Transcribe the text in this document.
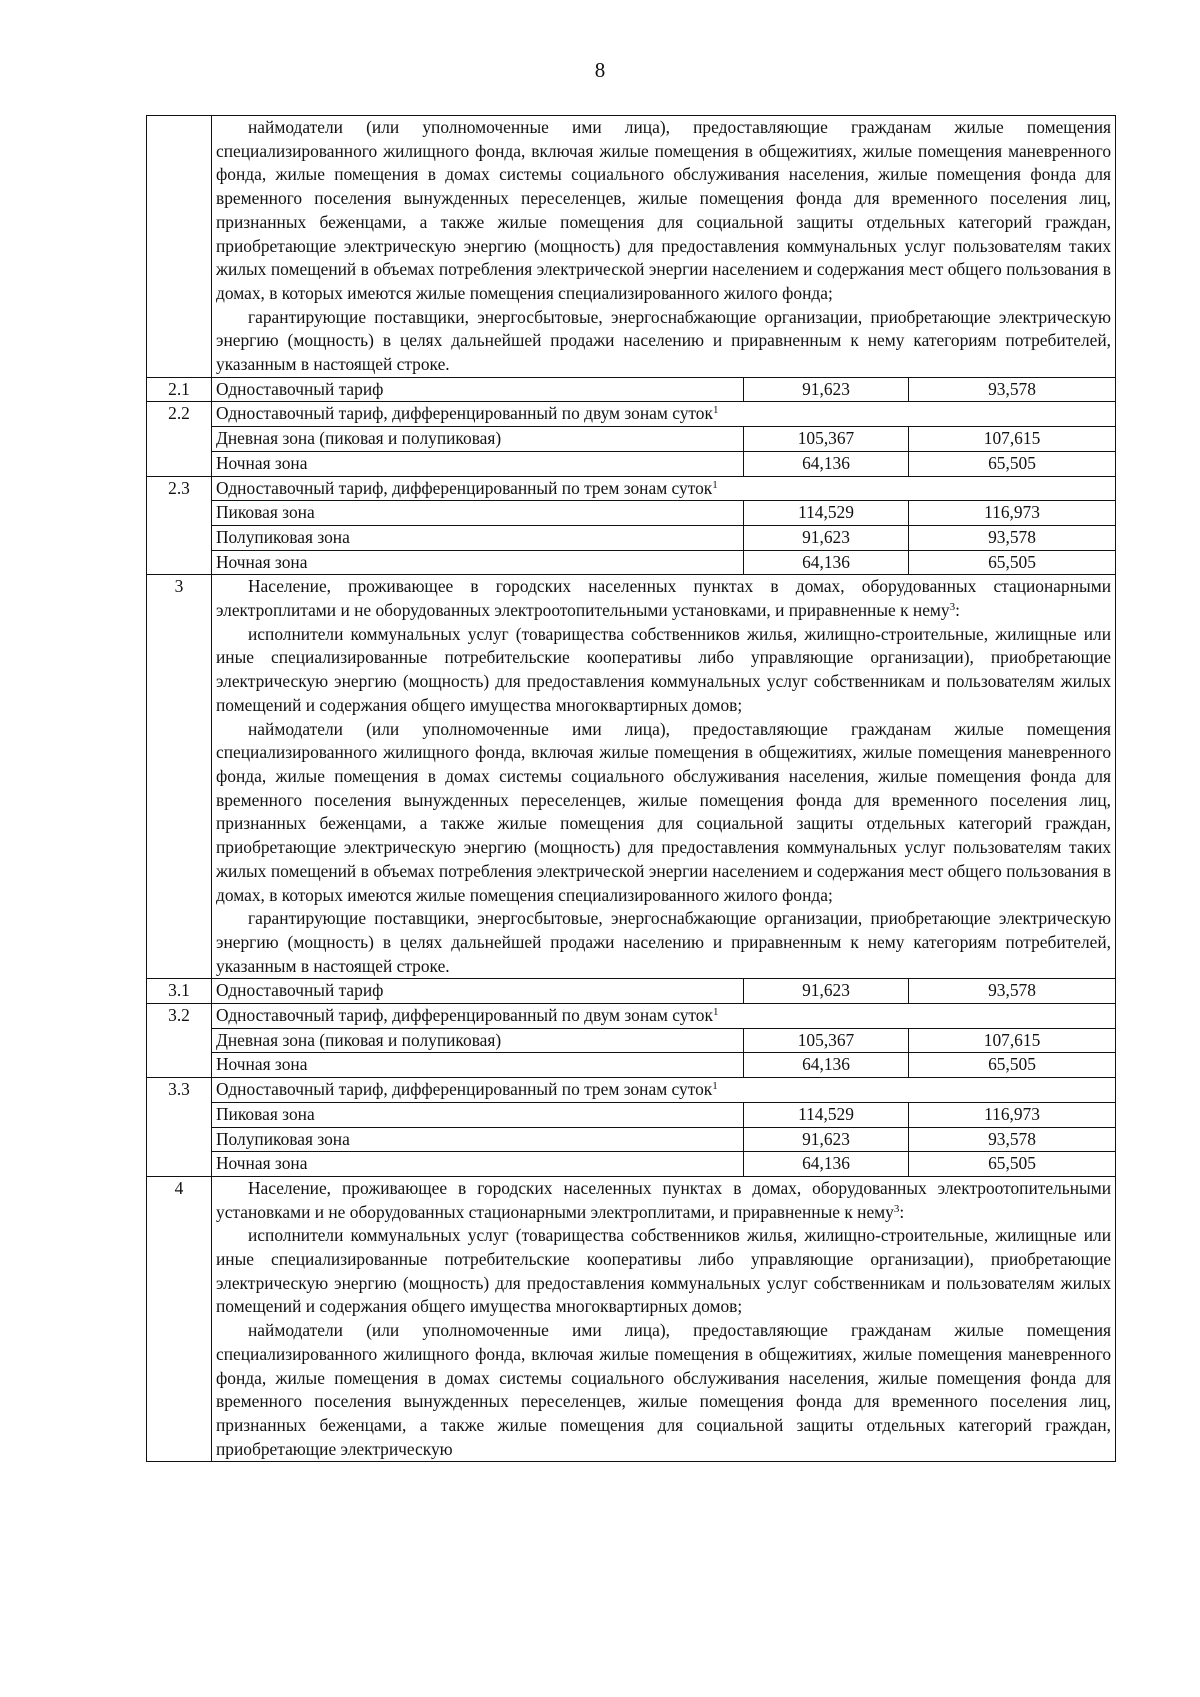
8

	наймодатели (или уполномоченные ими лица), предоставляющие гражданам жилые помещения специализированного жилищного фонда, включая жилые помещения в общежитиях, жилые помещения маневренного фонда, жилые помещения в домах системы социального обслуживания населения, жилые помещения фонда для временного поселения вынужденных переселенцев, жилые помещения фонда для временного поселения лиц, признанных беженцами, а также жилые помещения для социальной защиты отдельных категорий граждан, приобретающие электрическую энергию (мощность) для предоставления коммунальных услуг пользователям таких жилых помещений в объемах потребления электрической энергии населением и содержания мест общего пользования в домах, в которых имеются жилые помещения специализированного жилого фонда;

гарантирующие поставщики, энергосбытовые, энергоснабжающие организации, приобретающие электрическую энергию (мощность) в целях дальнейшей продажи населению и приравненным к нему категориям потребителей, указанным в настоящей строке.		

2.1	Одноставочный тариф	91,623	93,578
2.2	Одноставочный тариф, дифференцированный по двум зонам суток$^1$
	Дневная зона (пиковая и полупиковая)	105,367	107,615
	Ночная зона	64,136	65,505
2.3	Одноставочный тариф, дифференцированный по трем зонам суток$^1$
	Пиковая зона	114,529	116,973
	Полупиковая зона	91,623	93,578
	Ночная зона	64,136	65,505
3	Население, проживающее в городских населенных пунктах в домах, оборудованных стационарными электроплитами и не оборудованных электроотопительными установками, и приравненные к нему$^3$:

исполнители коммунальных услуг (товарищества собственников жилья, жилищно-строительные, жилищные или иные специализированные потребительские кооперативы либо управляющие организации), приобретающие электрическую энергию (мощность) для предоставления коммунальных услуг собственникам и пользователям жилых помещений и содержания общего имущества многоквартирных домов;

наймодатели (или уполномоченные ими лица), предоставляющие гражданам жилые помещения специализированного жилищного фонда, включая жилые помещения в общежитиях, жилые помещения маневренного фонда, жилые помещения в домах системы социального обслуживания населения, жилые помещения фонда для временного поселения вынужденных переселенцев, жилые помещения фонда для временного поселения лиц, признанных беженцами, а также жилые помещения для социальной защиты отдельных категорий граждан, приобретающие электрическую энергию (мощность) для предоставления коммунальных услуг пользователям таких жилых помещений в объемах потребления электрической энергии населением и содержания мест общего пользования в домах, в которых имеются жилые помещения специализированного жилого фонда;

гарантирующие поставщики, энергосбытовые, энергоснабжающие организации, приобретающие электрическую энергию (мощность) в целях дальнейшей продажи населению и приравненным к нему категориям потребителей, указанным в настоящей строке.		

3.1	Одноставочный тариф	91,623	93,578
3.2	Одноставочный тариф, дифференцированный по двум зонам суток$^1$
	Дневная зона (пиковая и полупиковая)	105,367	107,615
	Ночная зона	64,136	65,505
3.3	Одноставочный тариф, дифференцированный по трем зонам суток$^1$
	Пиковая зона	114,529	116,973
	Полупиковая зона	91,623	93,578
	Ночная зона	64,136	65,505
4	Население, проживающее в городских населенных пунктах в домах, оборудованных электроотопительными установками и не оборудованных стационарными электроплитами, и приравненные к нему$^3$:

исполнители коммунальных услуг (товарищества собственников жилья, жилищно-строительные, жилищные или иные специализированные потребительские кооперативы либо управляющие организации), приобретающие электрическую энергию (мощность) для предоставления коммунальных услуг собственникам и пользователям жилых помещений и содержания общего имущества многоквартирных домов;

наймодатели (или уполномоченные ими лица), предоставляющие гражданам жилые помещения специализированного жилищного фонда, включая жилые помещения в общежитиях, жилые помещения маневренного фонда, жилые помещения в домах системы социального обслуживания населения, жилые помещения фонда для временного поселения вынужденных переселенцев, жилые помещения фонда для временного поселения лиц, признанных беженцами, а также жилые помещения для социальной защиты отдельных категорий граждан, приобретающие электрическую		
